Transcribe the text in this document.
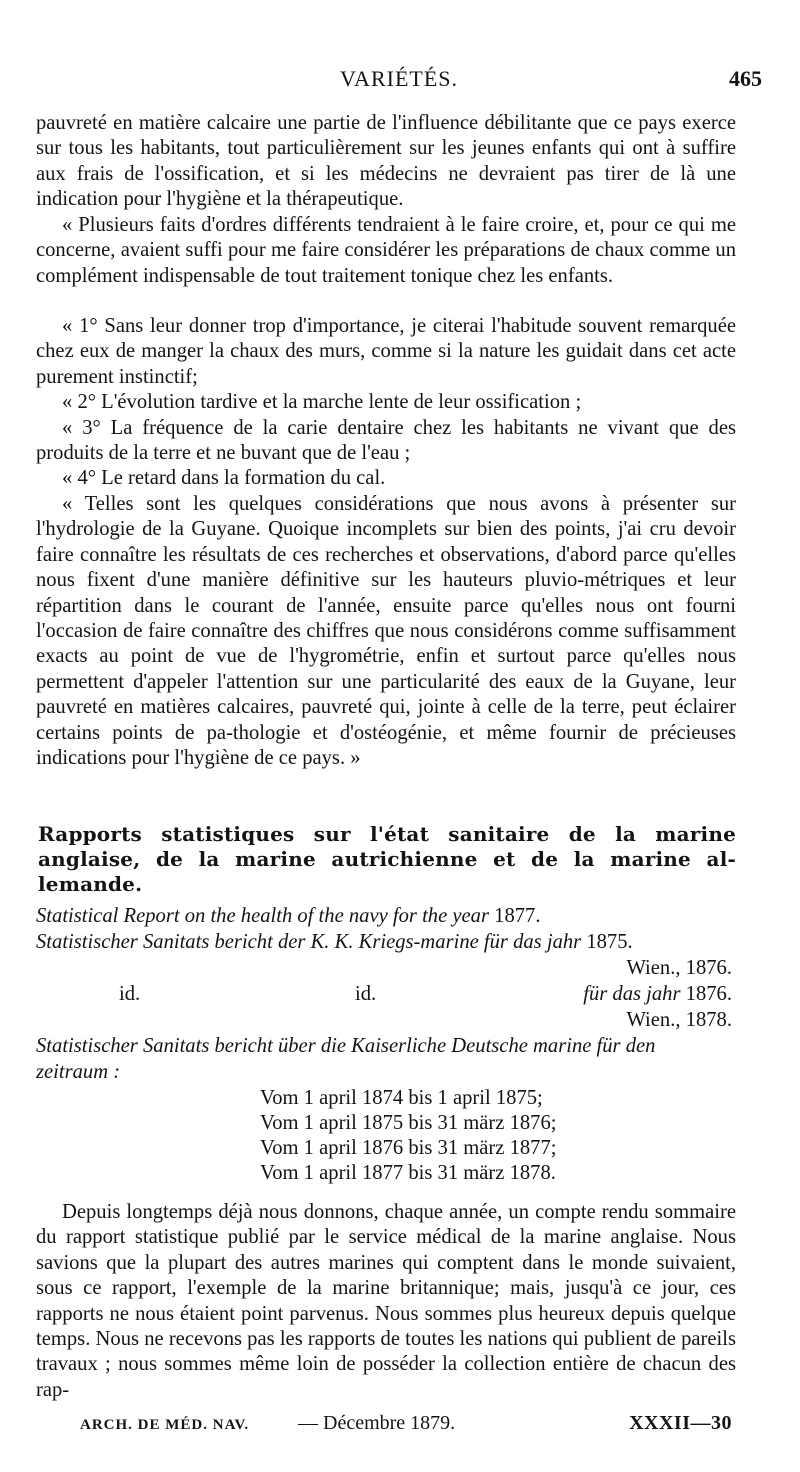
VARIÉTÉS.	465

pauvreté en matière calcaire une partie de l'influence débilitante que ce pays exerce sur tous les habitants, tout particulièrement sur les jeunes enfants qui ont à suffire aux frais de l'ossification, et si les médecins ne devraient pas tirer de là une indication pour l'hygiène et la thérapeutique.

« Plusieurs faits d'ordres différents tendraient à le faire croire, et, pour ce qui me concerne, avaient suffi pour me faire considérer les préparations de chaux comme un complément indispensable de tout traitement tonique chez les enfants.

« 1° Sans leur donner trop d'importance, je citerai l'habitude souvent remarquée chez eux de manger la chaux des murs, comme si la nature les guidait dans cet acte purement instinctif;

« 2° L'évolution tardive et la marche lente de leur ossification ;

« 3° La fréquence de la carie dentaire chez les habitants ne vivant que des produits de la terre et ne buvant que de l'eau ;

« 4° Le retard dans la formation du cal.

« Telles sont les quelques considérations que nous avons à présenter sur l'hydrologie de la Guyane. Quoique incomplets sur bien des points, j'ai cru devoir faire connaître les résultats de ces recherches et observations, d'abord parce qu'elles nous fixent d'une manière définitive sur les hauteurs pluvio-métriques et leur répartition dans le courant de l'année, ensuite parce qu'elles nous ont fourni l'occasion de faire connaître des chiffres que nous considérons comme suffisamment exacts au point de vue de l'hygrométrie, enfin et surtout parce qu'elles nous permettent d'appeler l'attention sur une particularité des eaux de la Guyane, leur pauvreté en matières calcaires, pauvreté qui, jointe à celle de la terre, peut éclairer certains points de pa-thologie et d'ostéogénie, et même fournir de précieuses indications pour l'hygiène de ce pays. »

Rapports statistiques sur l'état sanitaire de la marine anglaise, de la marine autrichienne et de la marine al-lemande.

Statistical Report on the health of the navy for the year 1877.
Statistischer Sanitats bericht der K. K. Kriegs-marine für das jahr 1875.
Wien., 1876.
id.	id.	für das jahr 1876.
Wien., 1878.
Statistischer Sanitats bericht über die Kaiserliche Deutsche marine für den
zeitraum :
Vom 1 april 1874 bis 1 april 1875;
Vom 1 april 1875 bis 31 märz 1876;
Vom 1 april 1876 bis 31 märz 1877;
Vom 1 april 1877 bis 31 märz 1878.

Depuis longtemps déjà nous donnons, chaque année, un compte rendu sommaire du rapport statistique publié par le service médical de la marine anglaise. Nous savions que la plupart des autres marines qui comptent dans le monde suivaient, sous ce rapport, l'exemple de la marine britannique; mais, jusqu'à ce jour, ces rapports ne nous étaient point parvenus. Nous sommes plus heureux depuis quelque temps. Nous ne recevons pas les rapports de toutes les nations qui publient de pareils travaux ; nous sommes même loin de posséder la collection entière de chacun des rap-

ARCH. DE MÉD. NAV. — Décembre 1879.	XXXII—30
